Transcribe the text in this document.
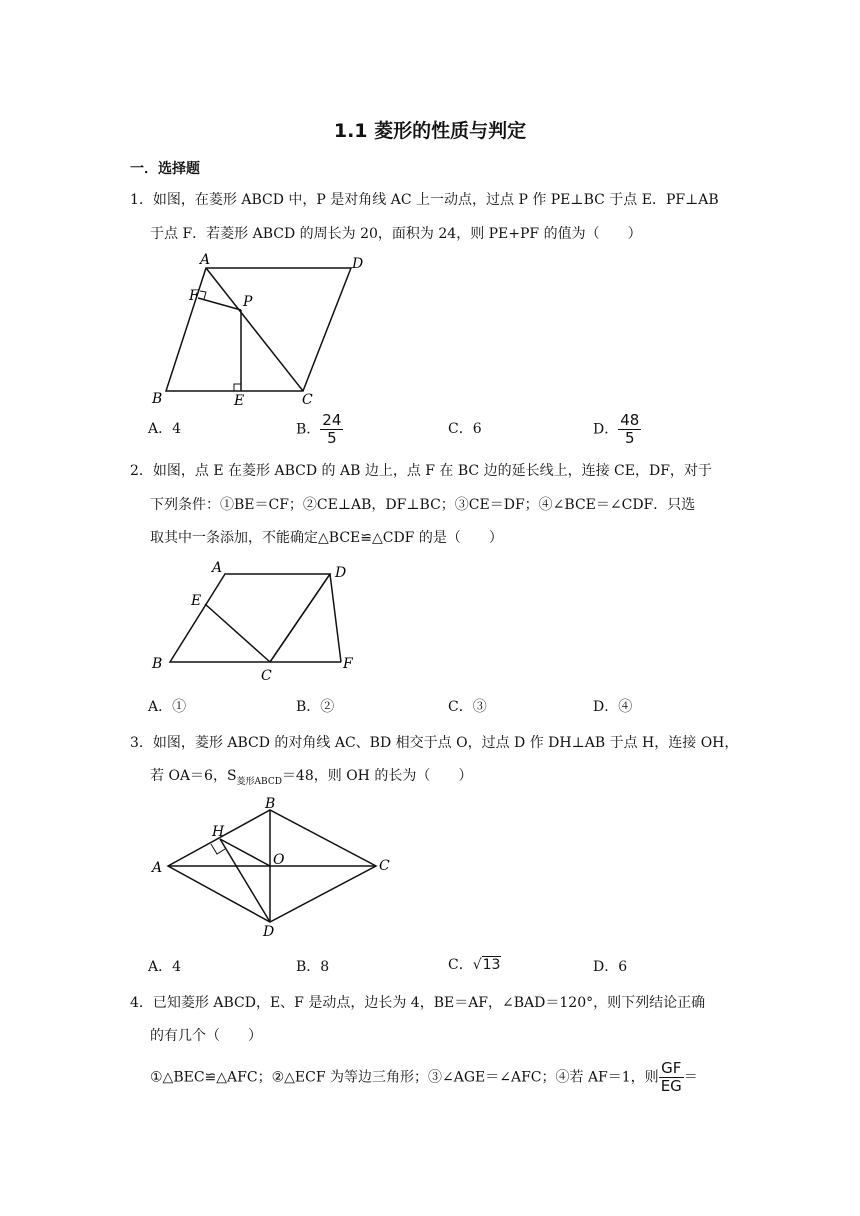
1.1 菱形的性质与判定
一．选择题
1．如图，在菱形 ABCD 中，P 是对角线 AC 上一动点，过点 P 作 PE⊥BC 于点 E．PF⊥AB
于点 F．若菱形 ABCD 的周长为 20，面积为 24，则 PE+PF 的值为（　　）
A	D
F	P
B	E	C
A．4	B． $\frac{24}{5}$	C．6	D． $\frac{48}{5}$
2．如图，点 E 在菱形 ABCD 的 AB 边上，点 F 在 BC 边的延长线上，连接 CE，DF，对于
下列条件：①BE＝CF；②CE⊥AB，DF⊥BC；③CE＝DF；④∠BCE＝∠CDF．只选
取其中一条添加，不能确定△BCE≌△CDF 的是（　　）
A	D
E
B
C
F
A．①	B．②	C．③	D．④
3．如图，菱形 ABCD 的对角线 AC、BD 相交于点 O，过点 D 作 DH⊥AB 于点 H，连接 OH，
若 OA＝6，$S_{菱形ABCD}=48$，则 OH 的长为（　　）
A
B
H
O	C
D
A．4	B．8	C．√13	D．6
4．已知菱形 ABCD，E、F 是动点，边长为 4，BE＝AF，∠BAD＝120°，则下列结论正确
的有几个（　　）
①△BEC≌△AFC；②△ECF 为等边三角形；③∠AGE＝∠AFC；④若 AF＝1，则 $\frac{GF}{EG}$ ＝
